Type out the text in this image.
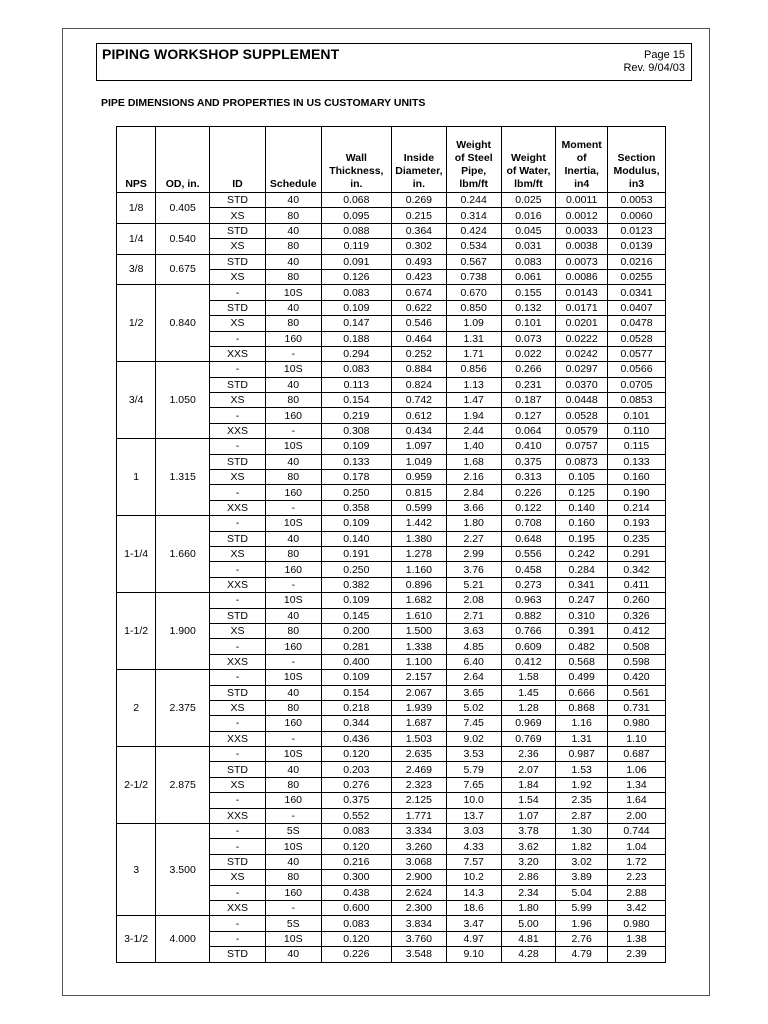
PIPING WORKSHOP SUPPLEMENT	Page 15
Rev. 9/04/03
PIPE DIMENSIONS AND PROPERTIES IN US CUSTOMARY UNITS
NPS	OD, in.	ID	Schedule	Wall
Thickness,
in.	Inside
Diameter,
in.	Weight
of Steel
Pipe,
lbm/ft	Weight
of Water,
lbm/ft	Moment
of
Inertia,
in4	Section
Modulus,
in3
1/8	0.405	STD	40	0.068	0.269	0.244	0.025	0.0011	0.0053
		XS	80	0.095	0.215	0.314	0.016	0.0012	0.0060
1/4	0.540	STD	40	0.088	0.364	0.424	0.045	0.0033	0.0123
		XS	80	0.119	0.302	0.534	0.031	0.0038	0.0139
3/8	0.675	STD	40	0.091	0.493	0.567	0.083	0.0073	0.0216
		XS	80	0.126	0.423	0.738	0.061	0.0086	0.0255
1/2	0.840	-	10S	0.083	0.674	0.670	0.155	0.0143	0.0341
		STD	40	0.109	0.622	0.850	0.132	0.0171	0.0407
		XS	80	0.147	0.546	1.09	0.101	0.0201	0.0478
		-	160	0.188	0.464	1.31	0.073	0.0222	0.0528
		XXS	-	0.294	0.252	1.71	0.022	0.0242	0.0577
3/4	1.050	-	10S	0.083	0.884	0.856	0.266	0.0297	0.0566
		STD	40	0.113	0.824	1.13	0.231	0.0370	0.0705
		XS	80	0.154	0.742	1.47	0.187	0.0448	0.0853
		-	160	0.219	0.612	1.94	0.127	0.0528	0.101
		XXS	-	0.308	0.434	2.44	0.064	0.0579	0.110
1	1.315	-	10S	0.109	1.097	1.40	0.410	0.0757	0.115
		STD	40	0.133	1.049	1.68	0.375	0.0873	0.133
		XS	80	0.178	0.959	2.16	0.313	0.105	0.160
		-	160	0.250	0.815	2.84	0.226	0.125	0.190
		XXS	-	0.358	0.599	3.66	0.122	0.140	0.214
1-1/4	1.660	-	10S	0.109	1.442	1.80	0.708	0.160	0.193
		STD	40	0.140	1.380	2.27	0.648	0.195	0.235
		XS	80	0.191	1.278	2.99	0.556	0.242	0.291
		-	160	0.250	1.160	3.76	0.458	0.284	0.342
		XXS	-	0.382	0.896	5.21	0.273	0.341	0.411
1-1/2	1.900	-	10S	0.109	1.682	2.08	0.963	0.247	0.260
		STD	40	0.145	1.610	2.71	0.882	0.310	0.326
		XS	80	0.200	1.500	3.63	0.766	0.391	0.412
		-	160	0.281	1.338	4.85	0.609	0.482	0.508
		XXS	-	0.400	1.100	6.40	0.412	0.568	0.598
2	2.375	-	10S	0.109	2.157	2.64	1.58	0.499	0.420
		STD	40	0.154	2.067	3.65	1.45	0.666	0.561
		XS	80	0.218	1.939	5.02	1.28	0.868	0.731
		-	160	0.344	1.687	7.45	0.969	1.16	0.980
		XXS	-	0.436	1.503	9.02	0.769	1.31	1.10
2-1/2	2.875	-	10S	0.120	2.635	3.53	2.36	0.987	0.687
		STD	40	0.203	2.469	5.79	2.07	1.53	1.06
		XS	80	0.276	2.323	7.65	1.84	1.92	1.34
		-	160	0.375	2.125	10.0	1.54	2.35	1.64
		XXS	-	0.552	1.771	13.7	1.07	2.87	2.00
3	3.500	-	5S	0.083	3.334	3.03	3.78	1.30	0.744
		-	10S	0.120	3.260	4.33	3.62	1.82	1.04
		STD	40	0.216	3.068	7.57	3.20	3.02	1.72
		XS	80	0.300	2.900	10.2	2.86	3.89	2.23
		-	160	0.438	2.624	14.3	2.34	5.04	2.88
		XXS	-	0.600	2.300	18.6	1.80	5.99	3.42
3-1/2	4.000	-	5S	0.083	3.834	3.47	5.00	1.96	0.980
		-	10S	0.120	3.760	4.97	4.81	2.76	1.38
		STD	40	0.226	3.548	9.10	4.28	4.79	2.39
